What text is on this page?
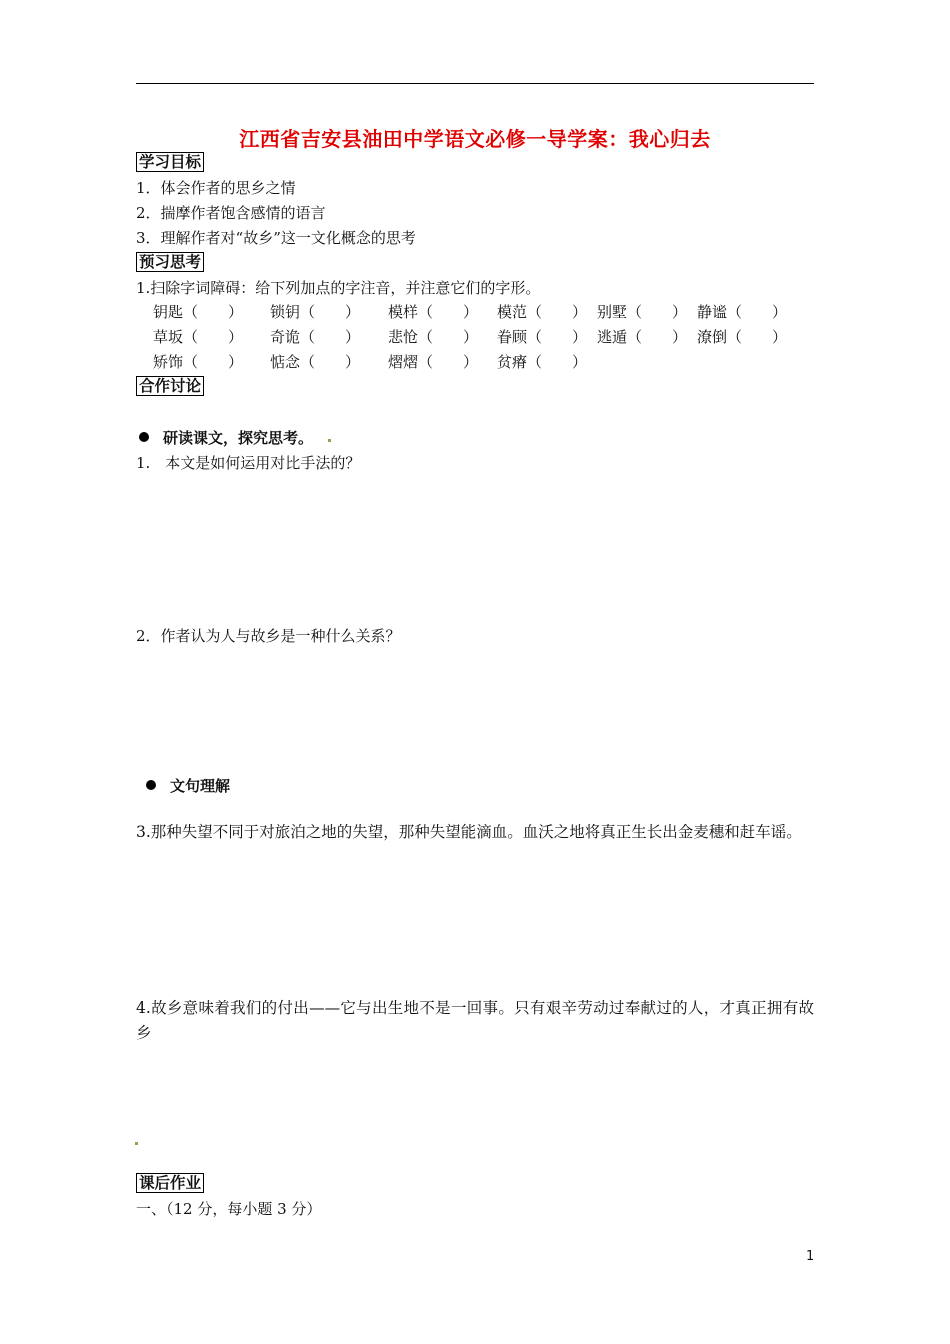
江西省吉安县油田中学语文必修一导学案：我心归去
学习目标
1．体会作者的思乡之情
2．揣摩作者饱含感情的语言
3．理解作者对“故乡”这一文化概念的思考
预习思考
1.扫除字词障碍：给下列加点的字注音，并注意它们的字形。
钥匙（　　） 锁钥（　　） 模样（　　） 模范（　　） 别墅（　　） 静谧（　　）
草坂（　　） 奇诡（　　） 悲怆（　　） 眷顾（　　） 逃遁（　　） 潦倒（　　）
矫饰（　　） 惦念（　　） 熠熠（　　） 贫瘠（　　）
合作讨论
研读课文，探究思考。
1.　本文是如何运用对比手法的？
2．作者认为人与故乡是一种什么关系？
文句理解
3.那种失望不同于对旅泊之地的失望，那种失望能滴血。血沃之地将真正生长出金麦穗和赶车谣。
4.故乡意味着我们的付出——它与出生地不是一回事。只有艰辛劳动过奉献过的人，才真正拥有故乡
课后作业
一、（12 分，每小题 3 分）
1
